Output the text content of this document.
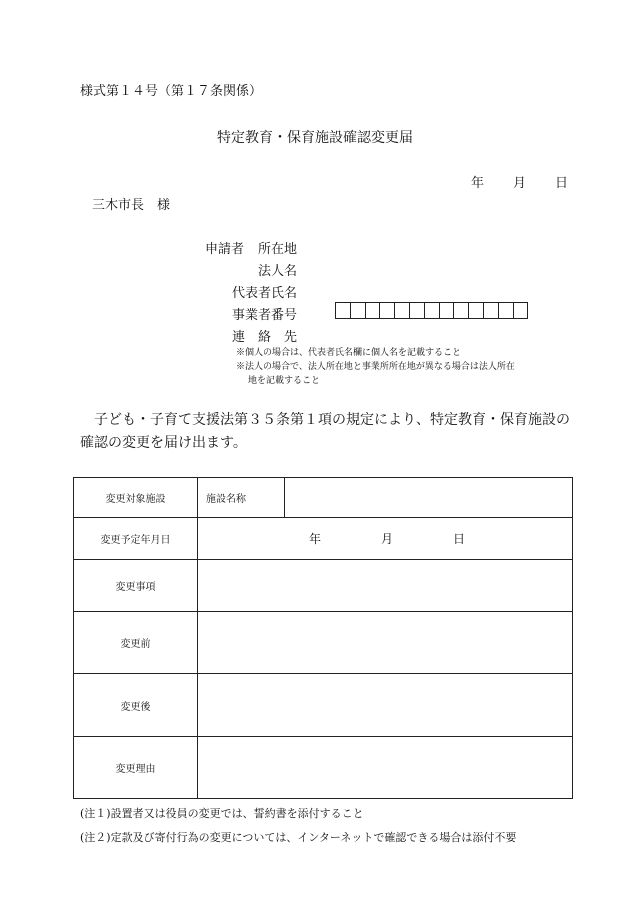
様式第１４号（第１７条関係）
特定教育・保育施設確認変更届
年 月 日
三木市長　様
申請者 所在地
法人名
代表者氏名
事業者番号
連　絡　先
※個人の場合は、代表者氏名欄に個人名を記載すること
※法人の場合で、法人所在地と事業所所在地が異なる場合は法人所在
地を記載すること
子ども・子育て支援法第３５条第１項の規定により、特定教育・保育施設の確認の変更を届け出ます。
変更対象施設	施設名称	
変更予定年月日	年 月 日	
変更事項		
変更前		
変更後		
変更理由		
(注１)設置者又は役員の変更では、誓約書を添付すること
(注２)定款及び寄付行為の変更については、インターネットで確認できる場合は添付不要
